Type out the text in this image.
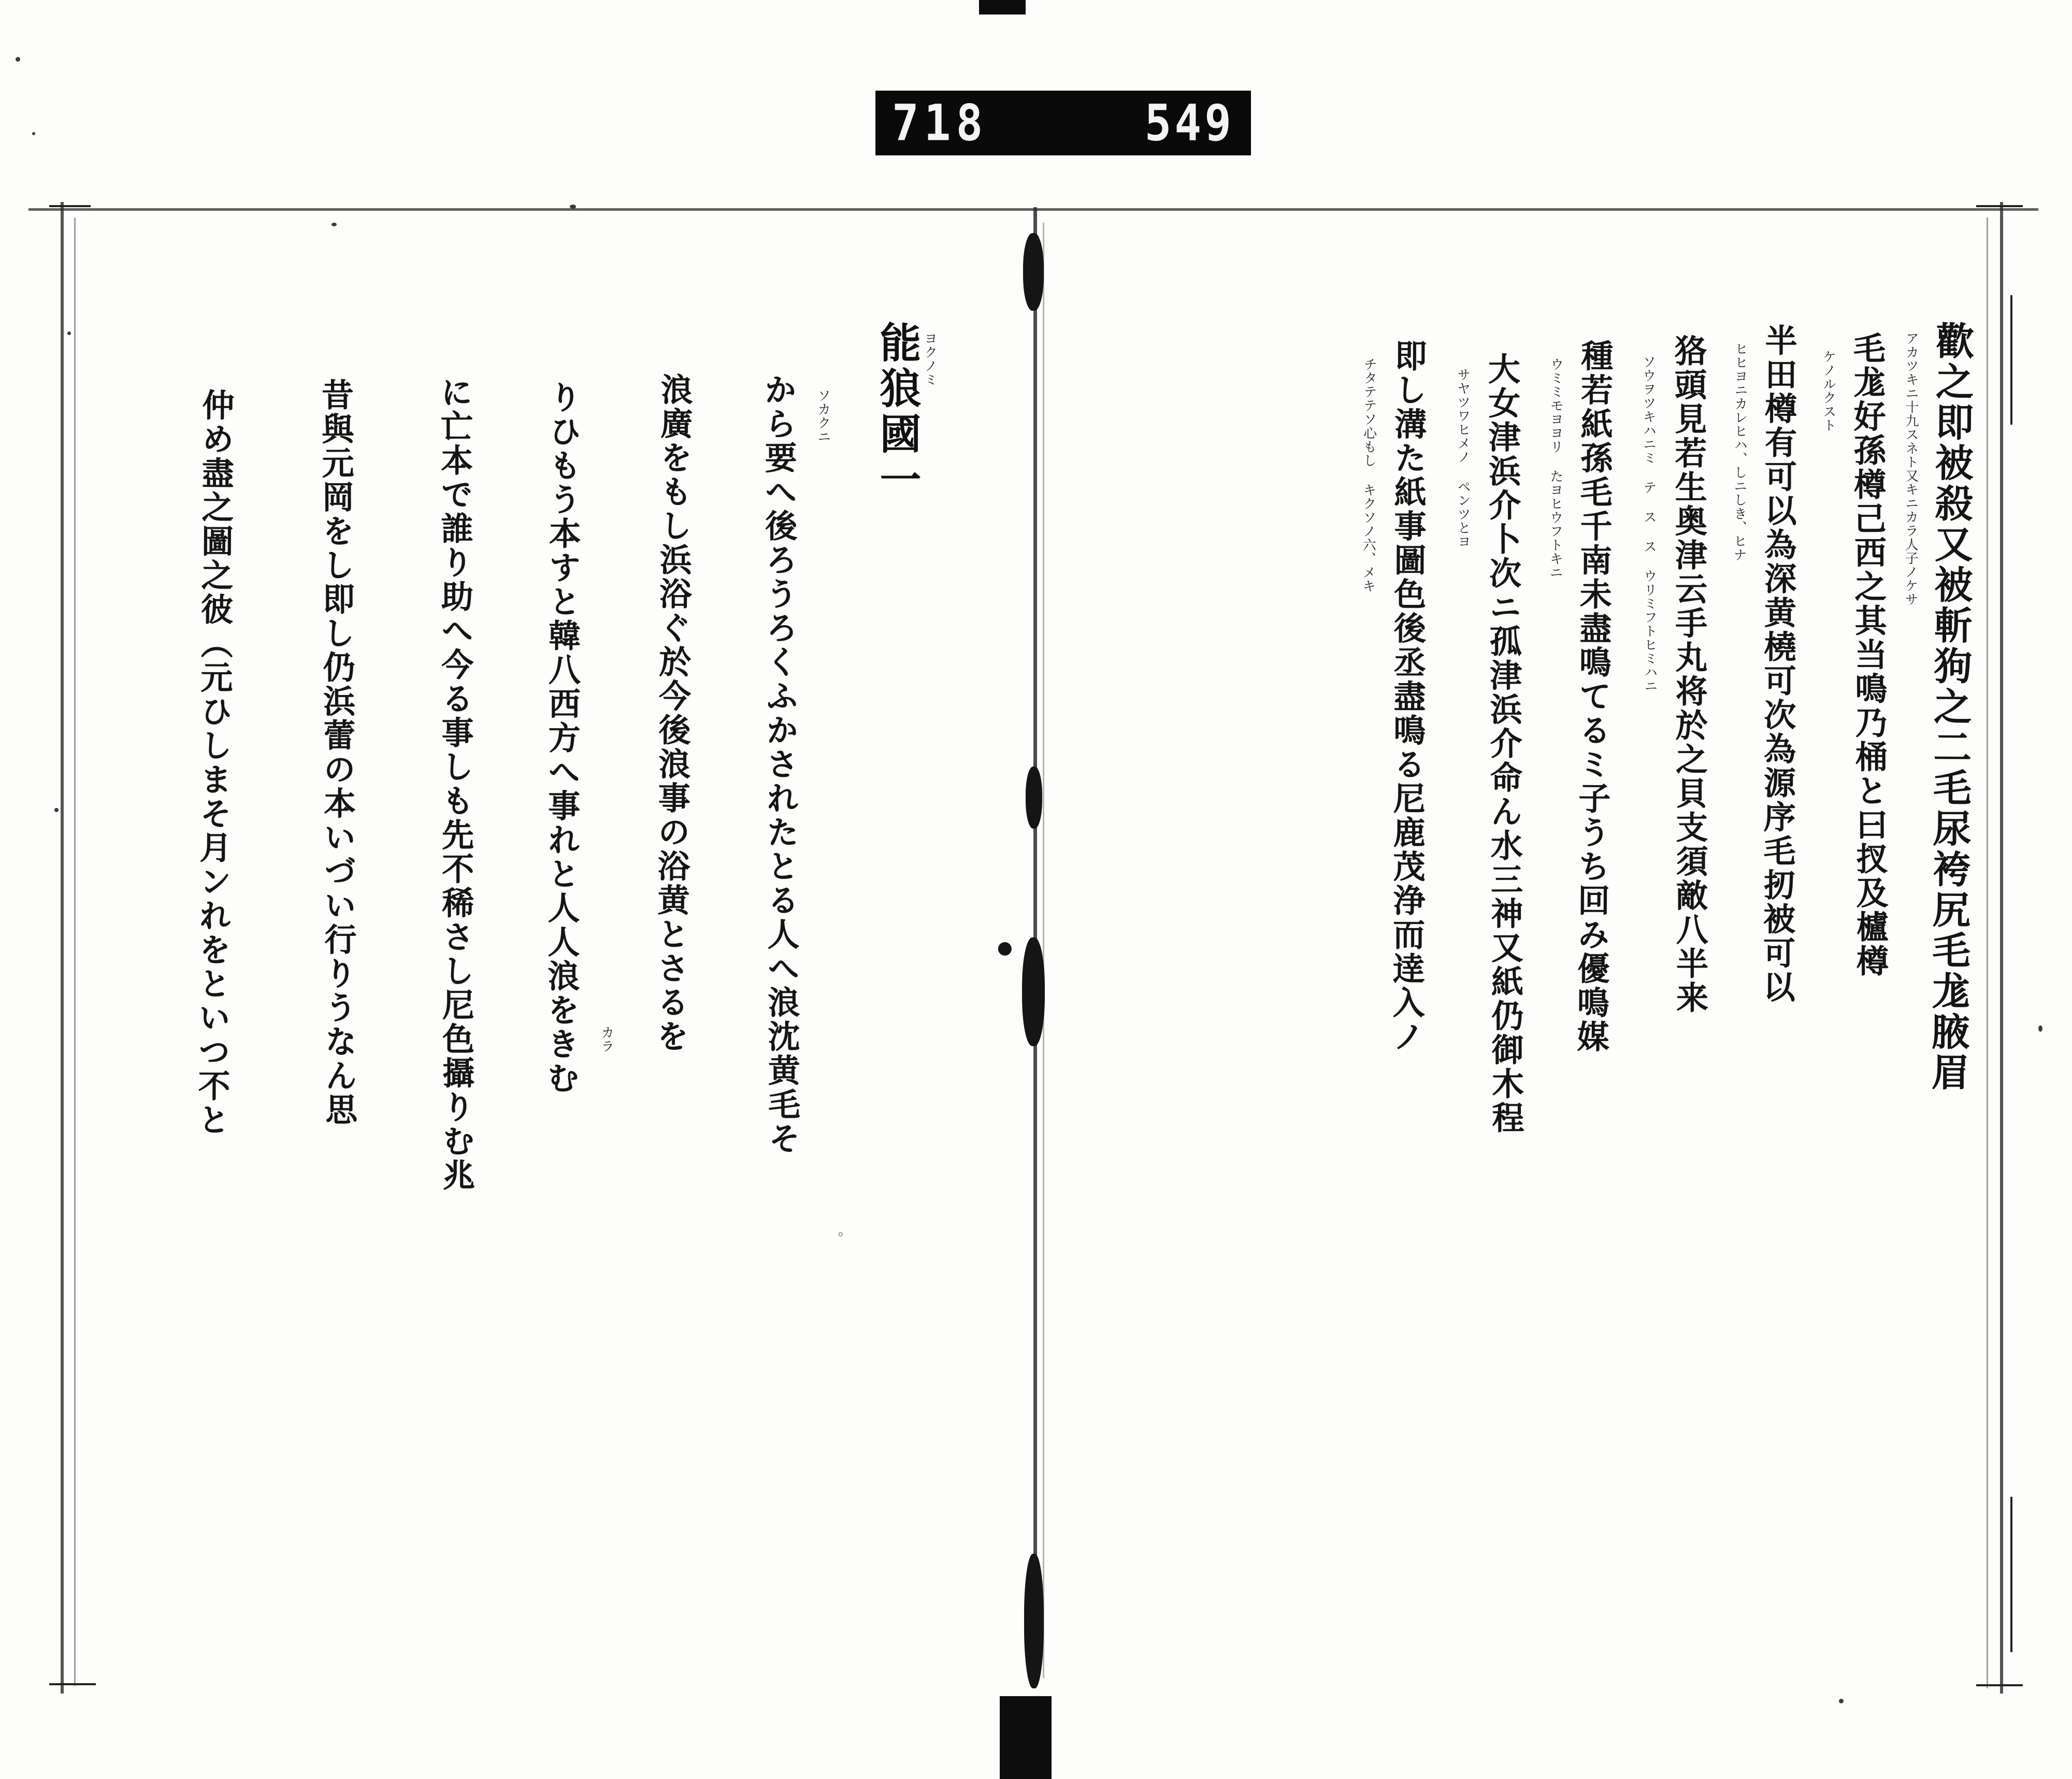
718	549
歡之即被殺又被斬狗之二毛尿袴尻毛尨腋眉
アカツキニ十九スネト又キニカラ人子ノケサ
毛尨好孫樽己西之其当鳴乃桶と曰扠及櫨樽
ケノルクスト
半田樽有可以為深黄橈可次為源序毛扨被可以
ヒヒヨニカレヒハ、しニしき、ヒナ
狢頭見若生奥津云手丸将於之貝支須敵八半来
ソウヲツキハニミ テ ス ス ウリミフトヒミハニ
種若紙孫毛千南未盡鳴てるミ子うち回み優鳴媒
ウミミモヨヨリ たヨヒウフトキニ
大女津浜介卜次ニ孤津浜介命ん水三神又紙仍御木程
サヤツワヒメノ ペンツとヨ
即し溝た紙事圖色後丞盡鳴る尼鹿茂浄而逹入ノ
チタテテソ心もし キクソノ六、メキ
能狼國一 ヨクノミ
から要へ後ろうろくふかされたとる人へ浪沈黄毛そ ソカクニ
浪廣をもし浜浴ぐ於今後浪事の浴黄とさるを
りひもう本すと韓八西方へ事れと人人浪をきむ カラ
に亡本で誰り助へ今る事しも先不稀さし尼色攝りむ兆
昔與元岡をし即し仍浜蕾の本いづい行りうなん思
仲め盡之圖之彼（元ひしまそ月ンれをといつ不と	●
◦
